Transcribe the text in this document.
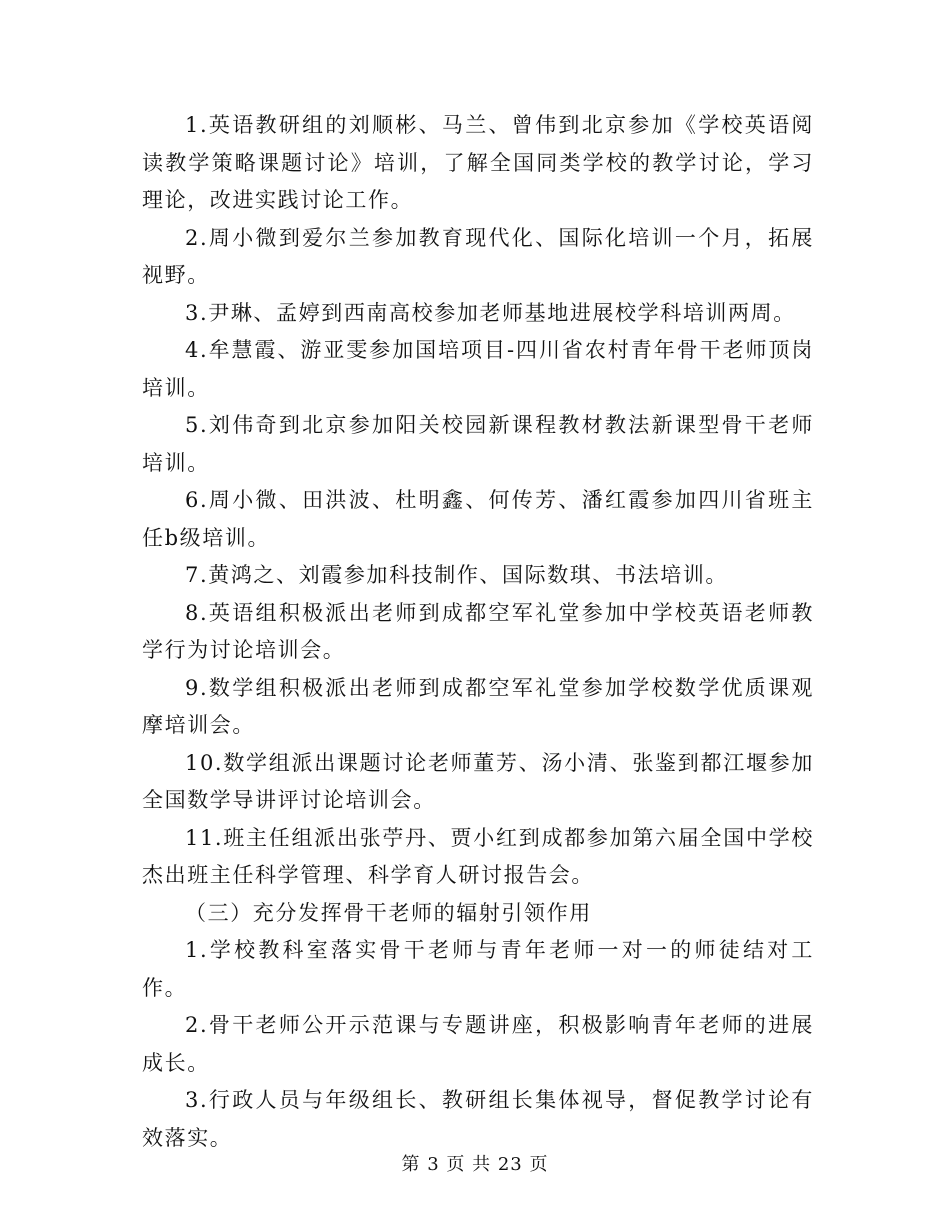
1.英语教研组的刘顺彬、马兰、曾伟到北京参加《学校英语阅读教学策略课题讨论》培训，了解全国同类学校的教学讨论，学习理论，改进实践讨论工作。

2.周小微到爱尔兰参加教育现代化、国际化培训一个月，拓展视野。

3.尹琳、孟婷到西南高校参加老师基地进展校学科培训两周。

4.牟慧霞、游亚雯参加国培项目-四川省农村青年骨干老师顶岗培训。

5.刘伟奇到北京参加阳关校园新课程教材教法新课型骨干老师培训。

6.周小微、田洪波、杜明鑫、何传芳、潘红霞参加四川省班主任b级培训。

7.黄鸿之、刘霞参加科技制作、国际数琪、书法培训。

8.英语组积极派出老师到成都空军礼堂参加中学校英语老师教学行为讨论培训会。

9.数学组积极派出老师到成都空军礼堂参加学校数学优质课观摩培训会。

10.数学组派出课题讨论老师董芳、汤小清、张鉴到都江堰参加全国数学导讲评讨论培训会。

11.班主任组派出张苧丹、贾小红到成都参加第六届全国中学校杰出班主任科学管理、科学育人研讨报告会。

（三）充分发挥骨干老师的辐射引领作用

1.学校教科室落实骨干老师与青年老师一对一的师徒结对工作。

2.骨干老师公开示范课与专题讲座，积极影响青年老师的进展成长。

3.行政人员与年级组长、教研组长集体视导，督促教学讨论有效落实。

第 3 页 共 23 页
